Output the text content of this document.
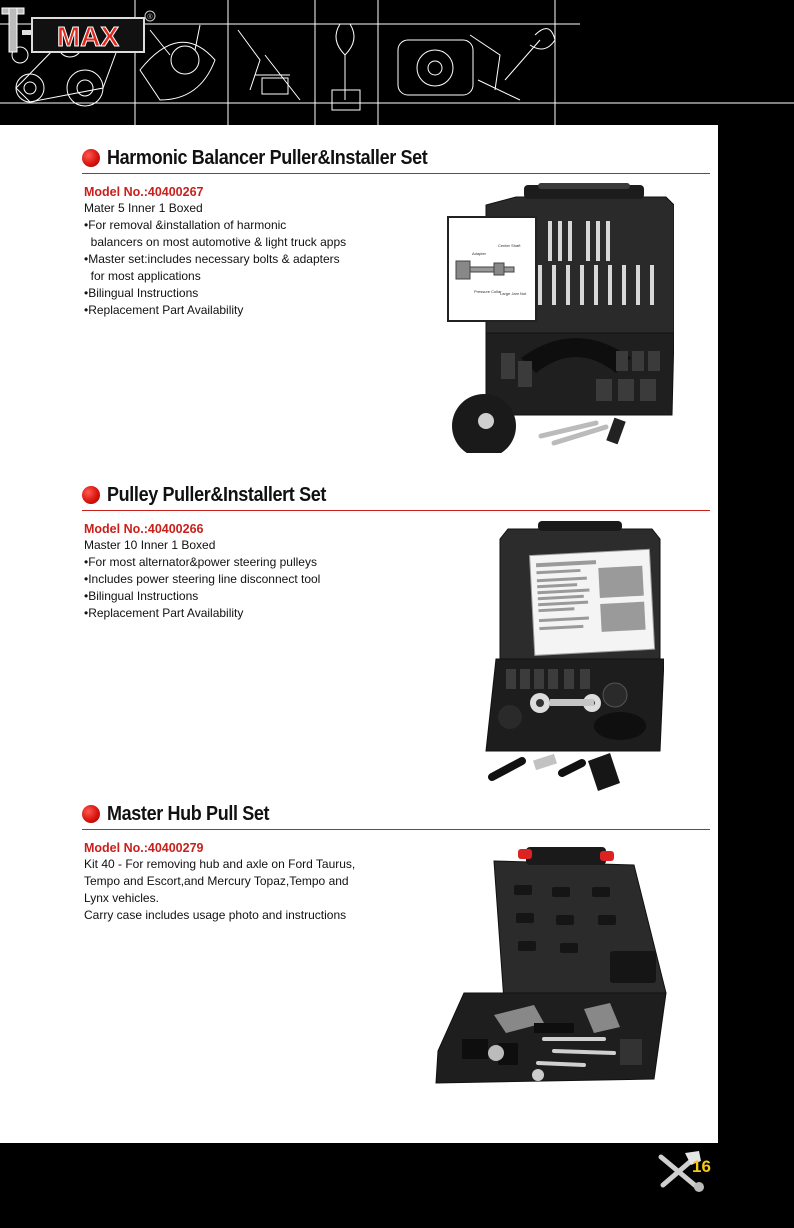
MAX
®
Harmonic Balancer Puller&Installer Set

Model No.:40400267

Mater 5 Inner 1 Boxed

•For removal &installation of harmonic

balancers on most automotive & light truck apps

•Master set:includes necessary bolts & adapters

for most applications

•Bilingual Instructions

•Replacement Part Availability

Adapter
Center Shaft
Pressure Collar
Large Jam Nut
Pulley Puller&Installert Set

Model No.:40400266

Master 10 Inner 1 Boxed

•For most alternator&power steering pulleys

•Includes power steering line disconnect tool

•Bilingual Instructions

•Replacement Part Availability

Master Hub Pull Set

Model No.:40400279

Kit 40 - For removing hub and axle on Ford Taurus,

Tempo and Escort,and Mercury Topaz,Tempo and

Lynx vehicles.

Carry case includes usage photo and instructions

16
